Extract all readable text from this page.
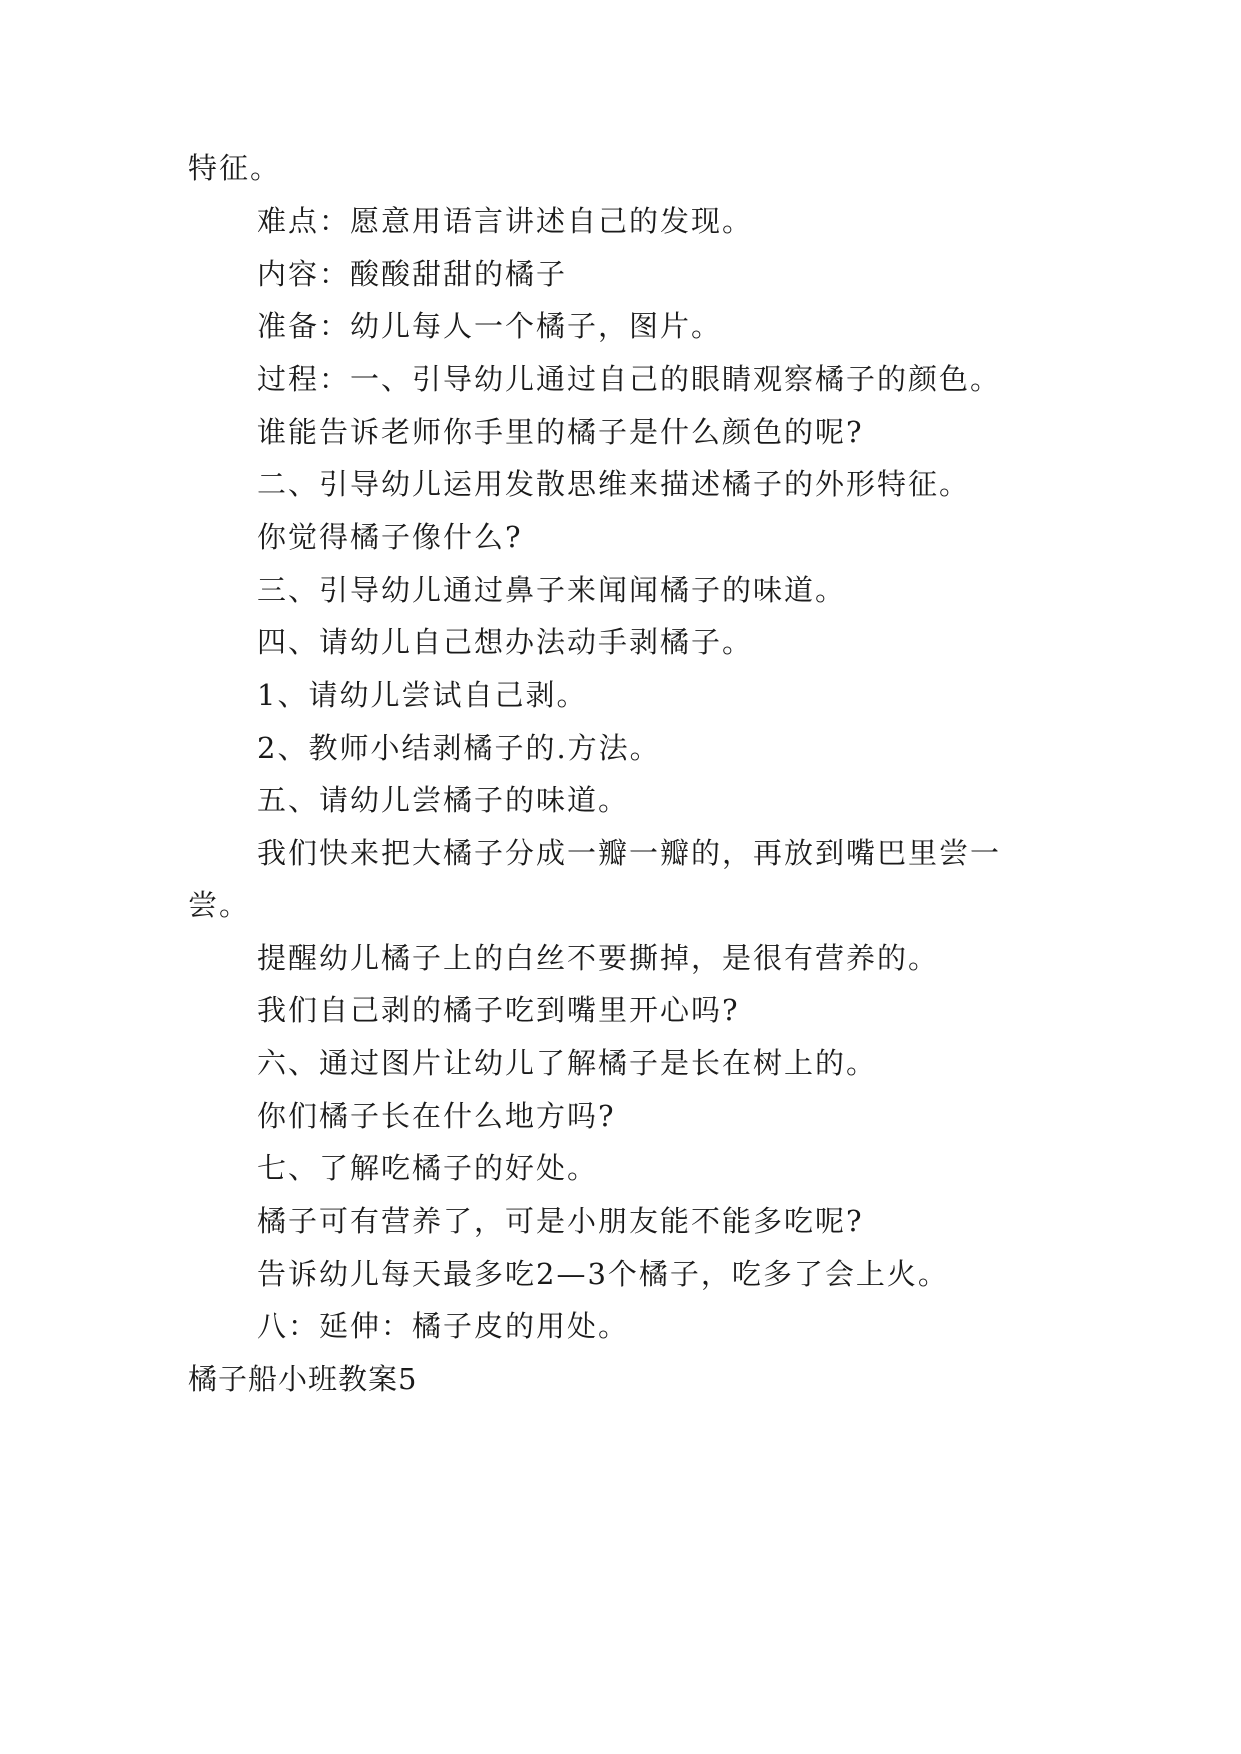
特征。
难点：愿意用语言讲述自己的发现。
内容：酸酸甜甜的橘子
准备：幼儿每人一个橘子，图片。
过程：一、引导幼儿通过自己的眼睛观察橘子的颜色。
谁能告诉老师你手里的橘子是什么颜色的呢?
二、引导幼儿运用发散思维来描述橘子的外形特征。
你觉得橘子像什么?
三、引导幼儿通过鼻子来闻闻橘子的味道。
四、请幼儿自己想办法动手剥橘子。
1、请幼儿尝试自己剥。
2、教师小结剥橘子的.方法。
五、请幼儿尝橘子的味道。
我们快来把大橘子分成一瓣一瓣的，再放到嘴巴里尝一
尝。
提醒幼儿橘子上的白丝不要撕掉，是很有营养的。
我们自己剥的橘子吃到嘴里开心吗?
六、通过图片让幼儿了解橘子是长在树上的。
你们橘子长在什么地方吗?
七、了解吃橘子的好处。
橘子可有营养了，可是小朋友能不能多吃呢?
告诉幼儿每天最多吃2—3个橘子，吃多了会上火。
八：延伸：橘子皮的用处。
橘子船小班教案5
